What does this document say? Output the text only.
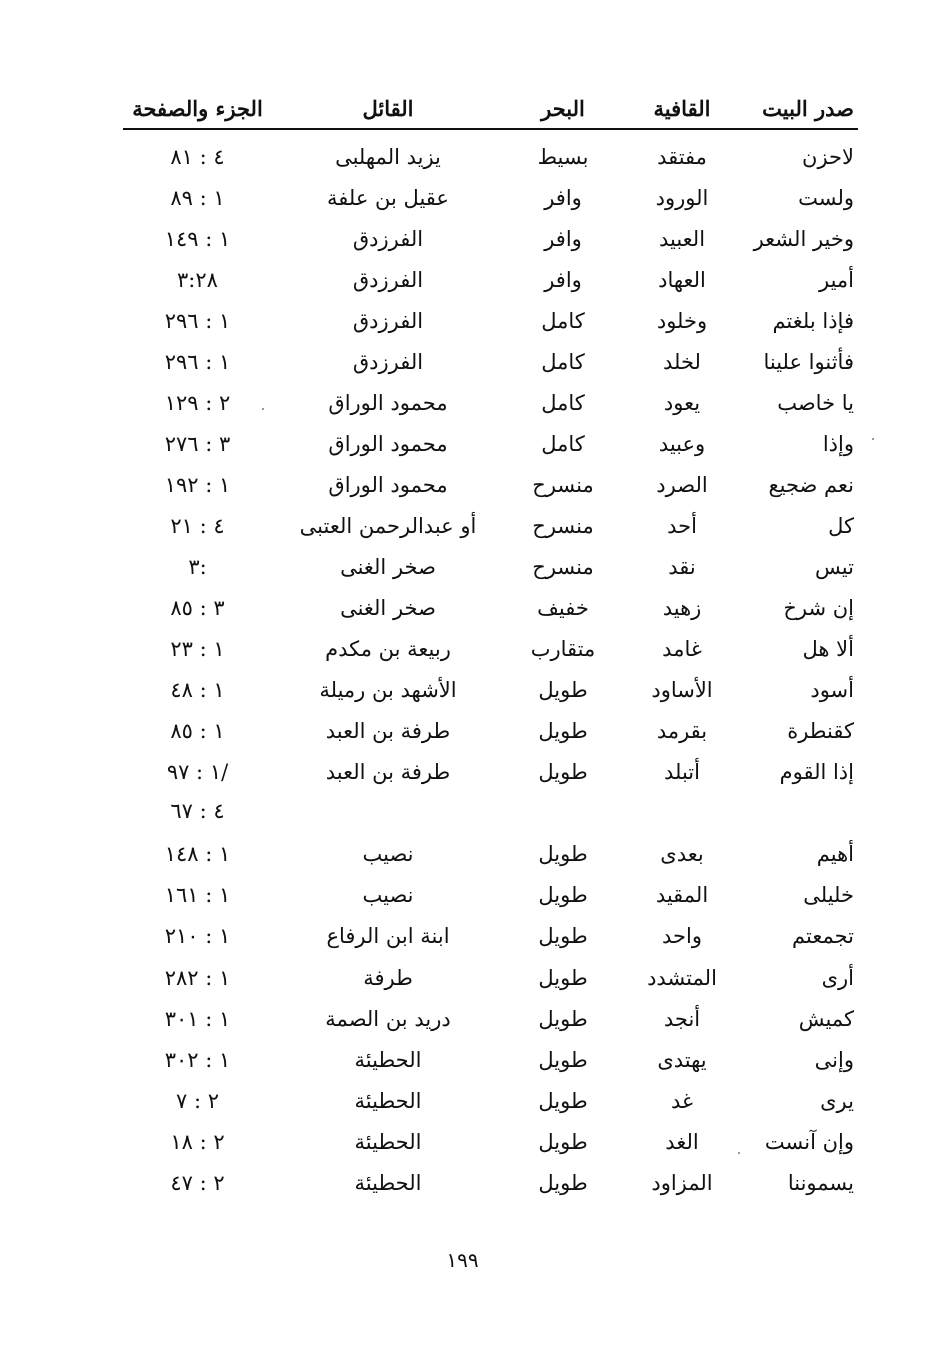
صدر البيت
القافية
البحر
القائل
الجزء والصفحة
لاحزن
مفتقد
بسيط
يزيد المهلبى
٤ : ٨١
ولست
الورود
وافر
عقيل بن علفة
١ : ٨٩
وخير الشعر
العبيد
وافر
الفرزدق
١ : ١٤٩
أمير
العهاد
وافر
الفرزدق
٣:٢٨
فإذا بلغتم
وخلود
كامل
الفرزدق
١ : ٢٩٦
فأثنوا علينا
لخلد
كامل
الفرزدق
١ : ٢٩٦
يا خاصب
يعود
كامل
محمود الوراق
٢ : ١٢٩
وإذا
وعبيد
كامل
محمود الوراق
٣ : ٢٧٦
نعم ضجيع
الصرد
منسرح
محمود الوراق
١ : ١٩٢
كل
أحد
منسرح
أو عبدالرحمن العتبى
٤ : ٢١
تيس
نقد
منسرح
صخر الغنى
٣:
إن شرخ
زهيد
خفيف
صخر الغنى
٣ : ٨٥
ألا هل
غامد
متقارب
ربيعة بن مكدم
١ : ٢٣
أسود
الأساود
طويل
الأشهد بن رميلة
١ : ٤٨
كقنطرة
بقرمد
طويل
طرفة بن العبد
١ : ٨٥
إذا القوم
أتبلد
طويل
طرفة بن العبد
١ : ٩٧/
٤ : ٦٧
أهيم
بعدى
طويل
نصيب
١ : ١٤٨
خليلى
المقيد
طويل
نصيب
١ : ١٦١
تجمعتم
واحد
طويل
ابنة ابن الرفاع
١ : ٢١٠
أرى
المتشدد
طويل
طرفة
١ : ٢٨٢
كميش
أنجد
طويل
دريد بن الصمة
١ : ٣٠١
وإنى
يهتدى
طويل
الحطيئة
١ : ٣٠٢
يرى
غد
طويل
الحطيئة
٢ : ٧
وإن آنست
الغد
طويل
الحطيئة
٢ : ١٨
يسموننا
المزاود
طويل
الحطيئة
٢ : ٤٧
١٩٩
